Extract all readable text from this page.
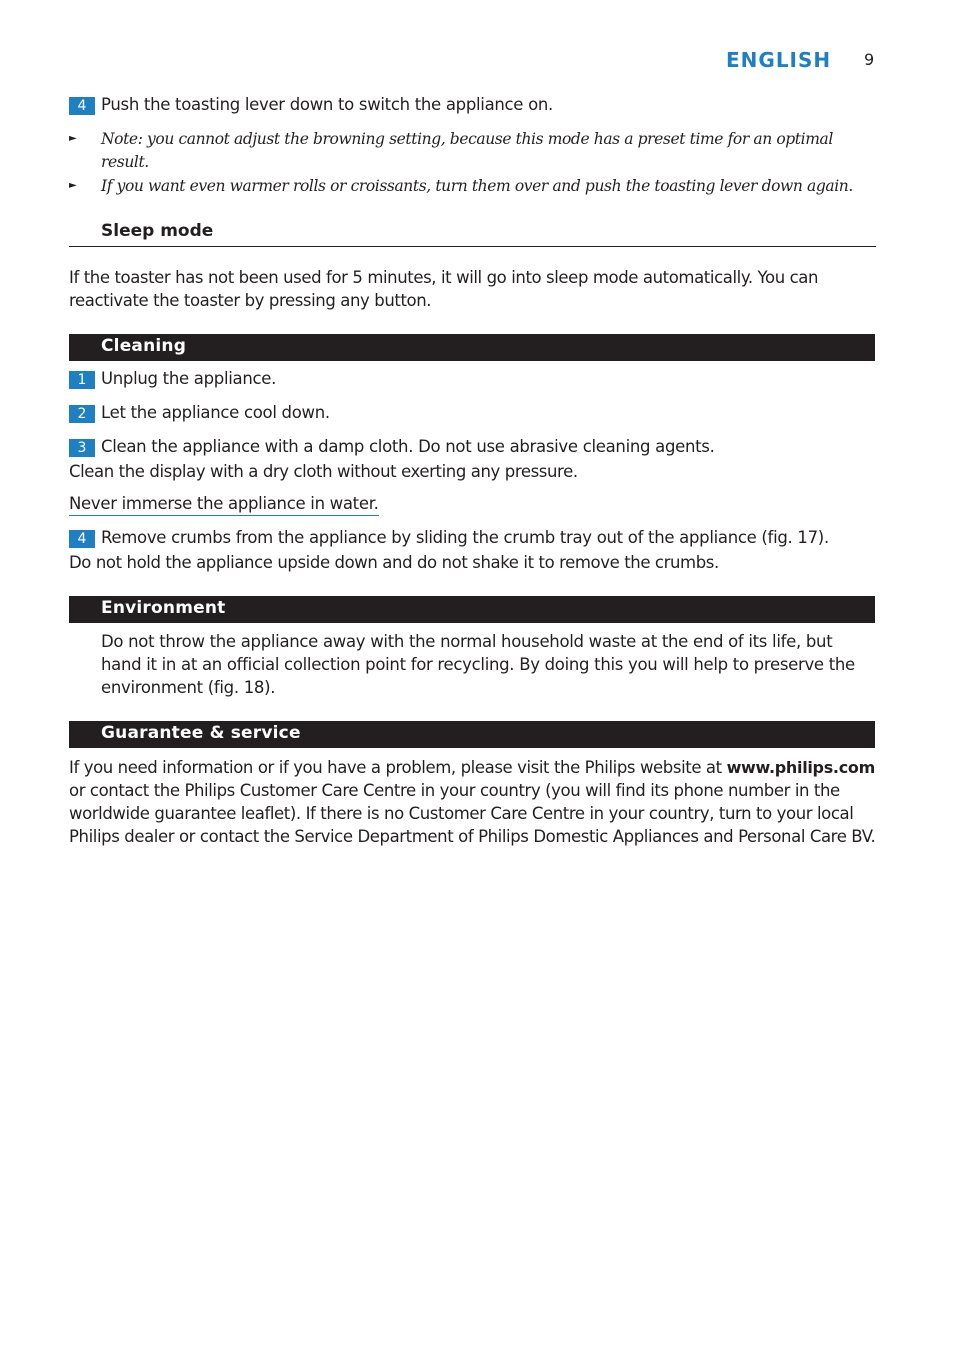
ENGLISH 9
4 Push the toasting lever down to switch the appliance on.
► Note: you cannot adjust the browning setting, because this mode has a preset time for an optimal result.
► If you want even warmer rolls or croissants, turn them over and push the toasting lever down again.
Sleep mode
If the toaster has not been used for 5 minutes, it will go into sleep mode automatically. You can reactivate the toaster by pressing any button.
Cleaning
1 Unplug the appliance.
2 Let the appliance cool down.
3 Clean the appliance with a damp cloth. Do not use abrasive cleaning agents.
Clean the display with a dry cloth without exerting any pressure.
Never immerse the appliance in water.
4 Remove crumbs from the appliance by sliding the crumb tray out of the appliance (fig. 17).
Do not hold the appliance upside down and do not shake it to remove the crumbs.
Environment
Do not throw the appliance away with the normal household waste at the end of its life, but hand it in at an official collection point for recycling. By doing this you will help to preserve the environment (fig. 18).
Guarantee & service
If you need information or if you have a problem, please visit the Philips website at www.philips.com or contact the Philips Customer Care Centre in your country (you will find its phone number in the worldwide guarantee leaflet). If there is no Customer Care Centre in your country, turn to your local Philips dealer or contact the Service Department of Philips Domestic Appliances and Personal Care BV.
